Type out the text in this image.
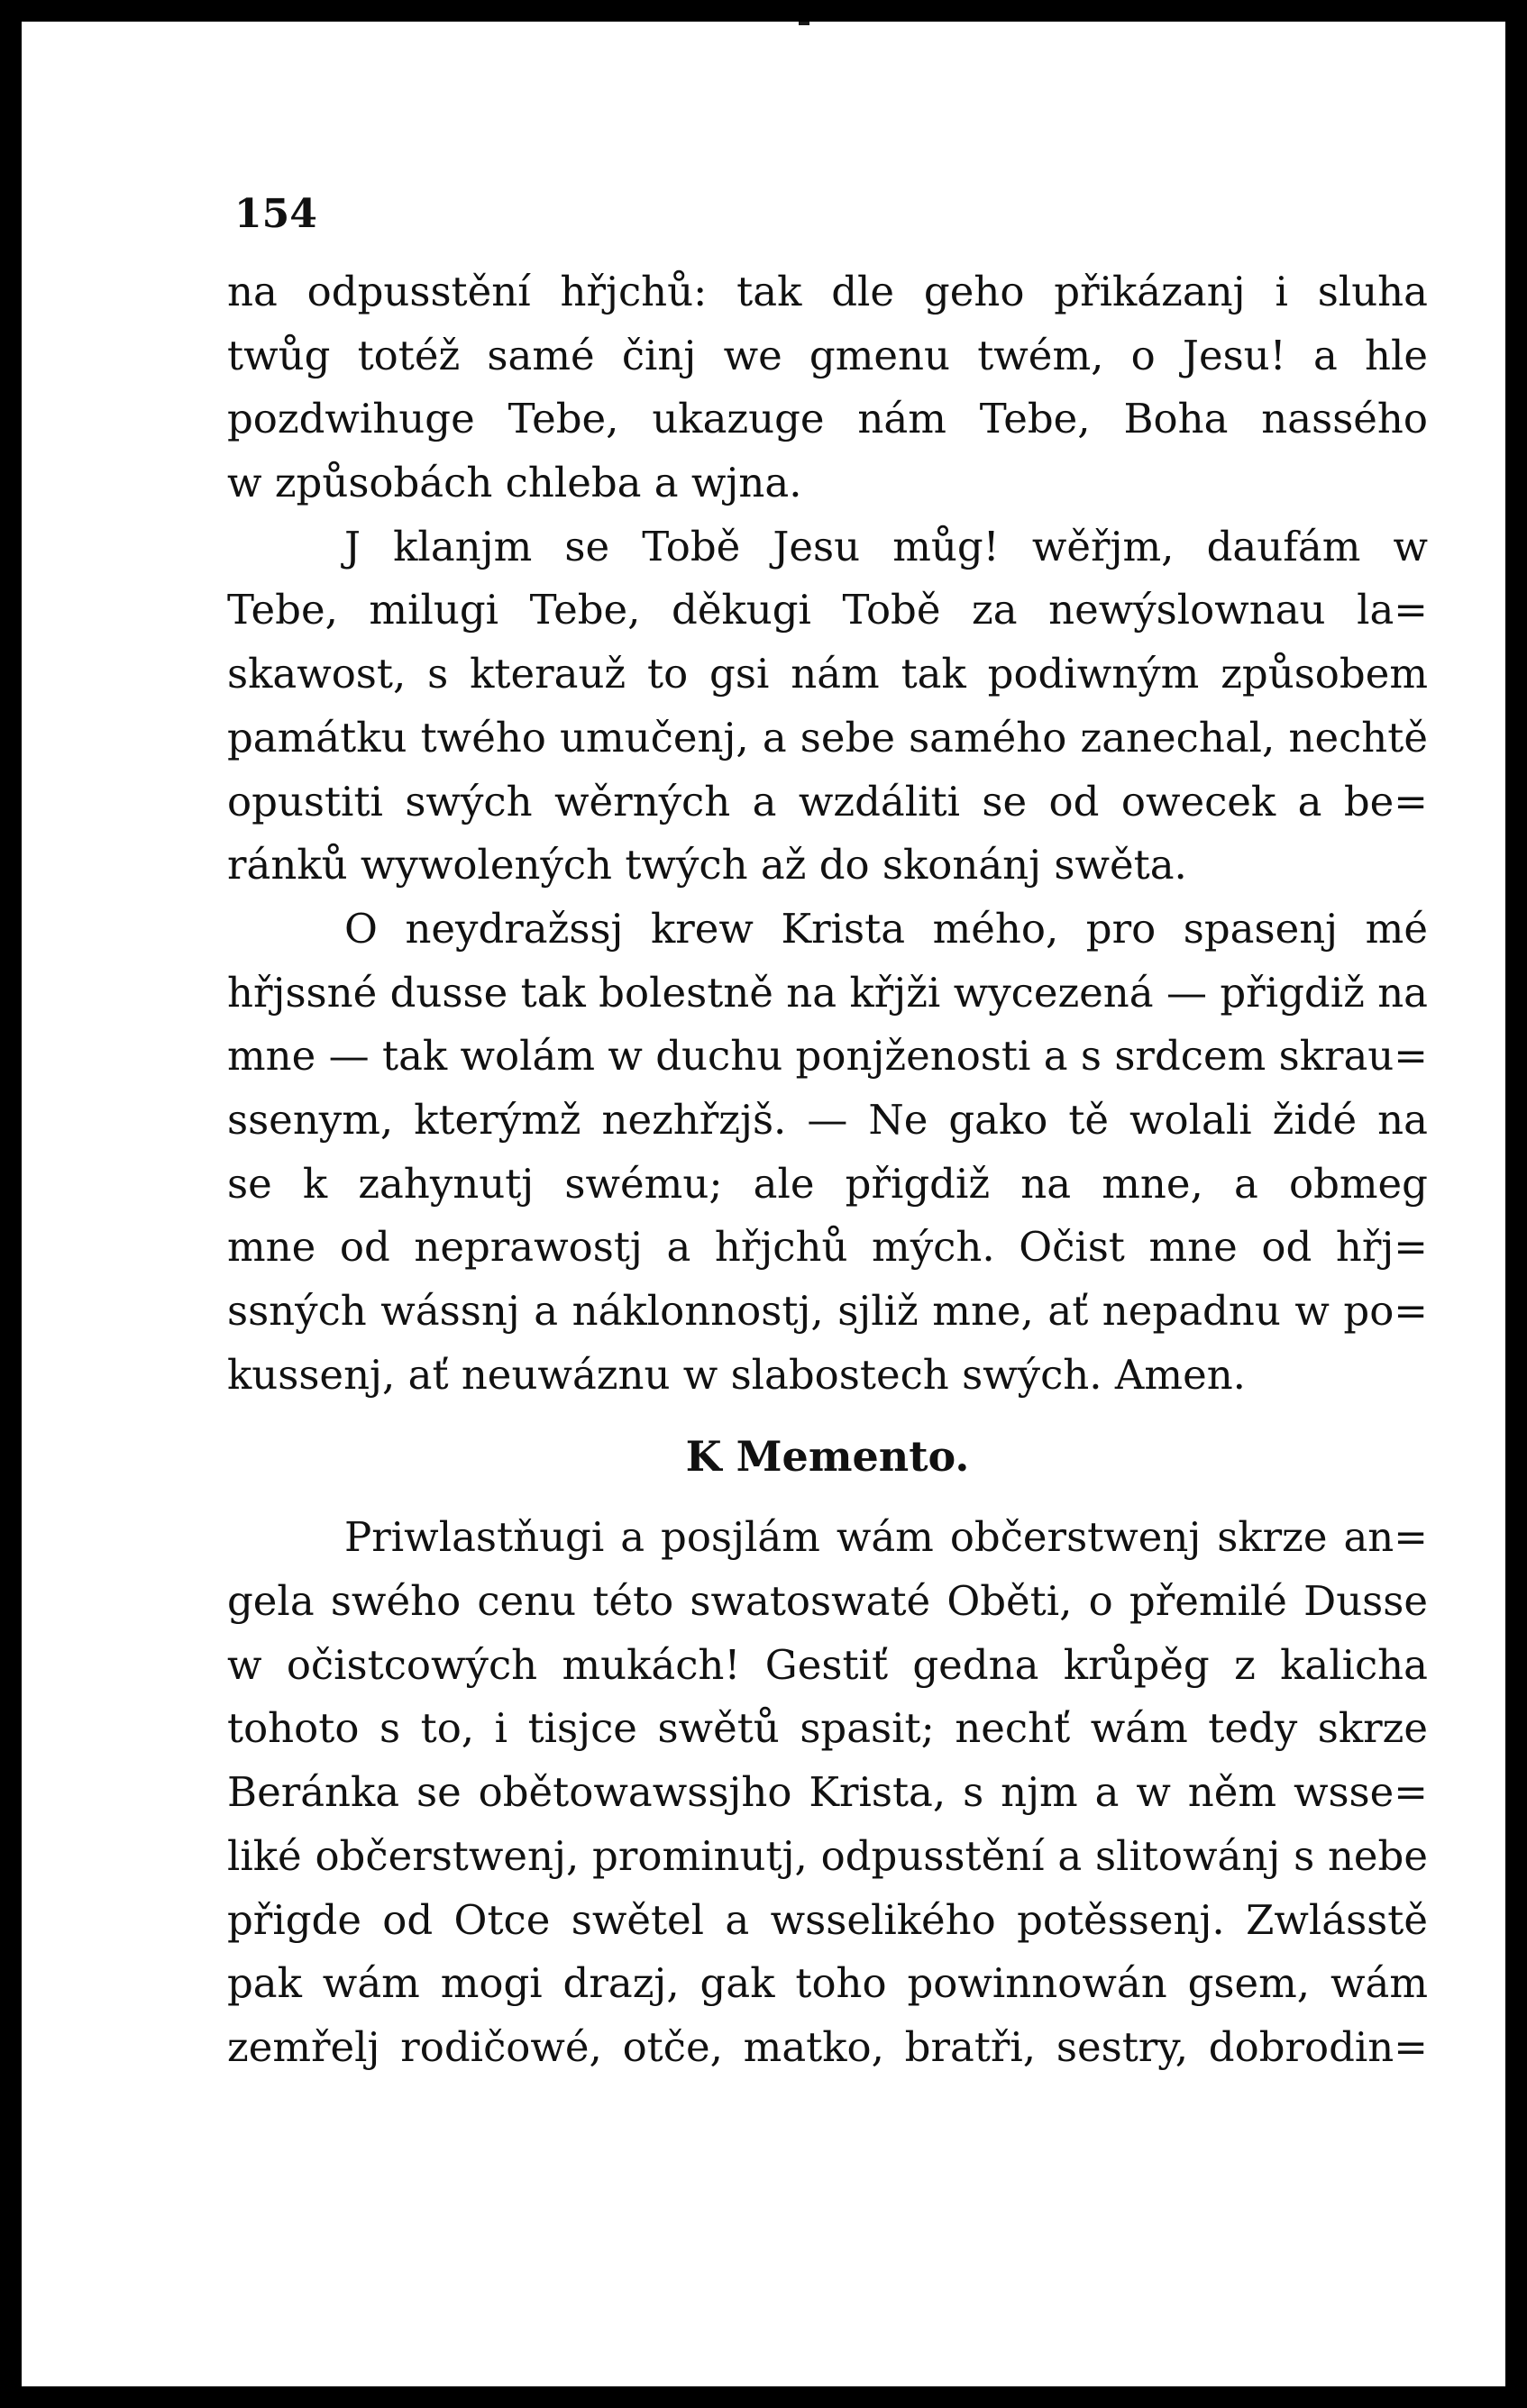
154
na odpusstění hřjchů: tak dle geho přikázanj i sluha
twůg totéž samé činj we gmenu twém, o Jesu! a hle
pozdwihuge Tebe, ukazuge nám Tebe, Boha nassého
w způsobách chleba a wjna.
J klanjm se Tobě Jesu můg! wěřjm, daufám w
Tebe, milugi Tebe, děkugi Tobě za newýslownau la=
skawost, s kterauž to gsi nám tak podiwným způsobem
památku twého umučenj, a sebe samého zanechal, nechtě
opustiti swých wěrných a wzdáliti se od owecek a be=
ránků wywolených twých až do skonánj swěta.
O neydražssj krew Krista mého, pro spasenj mé
hřjssné dusse tak bolestně na křjži wycezená — přigdiž na
mne — tak wolám w duchu ponjženosti a s srdcem skrau=
ssenym, kterýmž nezhřzjš. — Ne gako tě wolali židé na
se k zahynutj swému; ale přigdiž na mne, a obmeg
mne od neprawostj a hřjchů mých. Očist mne od hřj=
ssných wássnj a náklonnostj, sjliž mne, ať nepadnu w po=
kussenj, ať neuwáznu w slabostech swých. Amen.
K Memento.
Priwlastňugi a posjlám wám občerstwenj skrze an=
gela swého cenu této swatoswaté Oběti, o přemilé Dusse
w očistcowých mukách! Gestiť gedna krůpěg z kalicha
tohoto s to, i tisjce swětů spasit; nechť wám tedy skrze
Beránka se obětowawssjho Krista, s njm a w něm wsse=
liké občerstwenj, prominutj, odpusstění a slitowánj s nebe
přigde od Otce swětel a wsselikého potěssenj. Zwlásstě
pak wám mogi drazj, gak toho powinnowán gsem, wám
zemřelj rodičowé, otče, matko, bratři, sestry, dobrodin=
